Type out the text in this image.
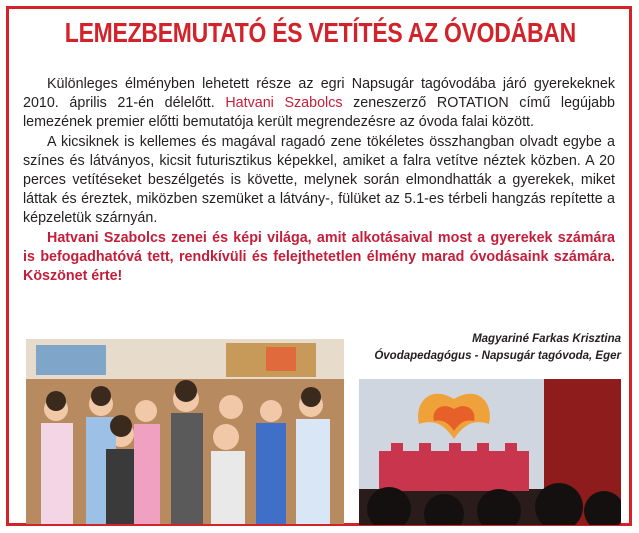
LEMEZBEMUTATÓ ÉS VETÍTÉS AZ ÓVODÁBAN

Különleges élményben lehetett része az egri Napsugár tagóvodába járó gyerekeknek 2010. április 21-én délelőtt. Hatvani Szabolcs zeneszerző ROTATION című legújabb lemezének premier előtti bemutatója került megrendezésre az óvoda falai között.

A kicsiknek is kellemes és magával ragadó zene tökéletes összhangban olvadt egybe a színes és látványos, kicsit futurisztikus képekkel, amiket a falra vetítve néztek közben. A 20 perces vetítéseket beszélgetés is követte, melynek során elmondhatták a gyerekek, miket láttak és éreztek, miközben szemüket a látvány-, fülüket az 5.1-es térbeli hangzás repítette a képzeletük szárnyán.

Hatvani Szabolcs zenei és képi világa, amit alkotásaival most a gyerekek számára is befogadhatóvá tett, rendkívüli és felejthetetlen élmény marad óvodásaink számára. Köszönet érte!

Magyariné Farkas Krisztina
Óvodapedagógus - Napsugár tagóvoda, Eger
